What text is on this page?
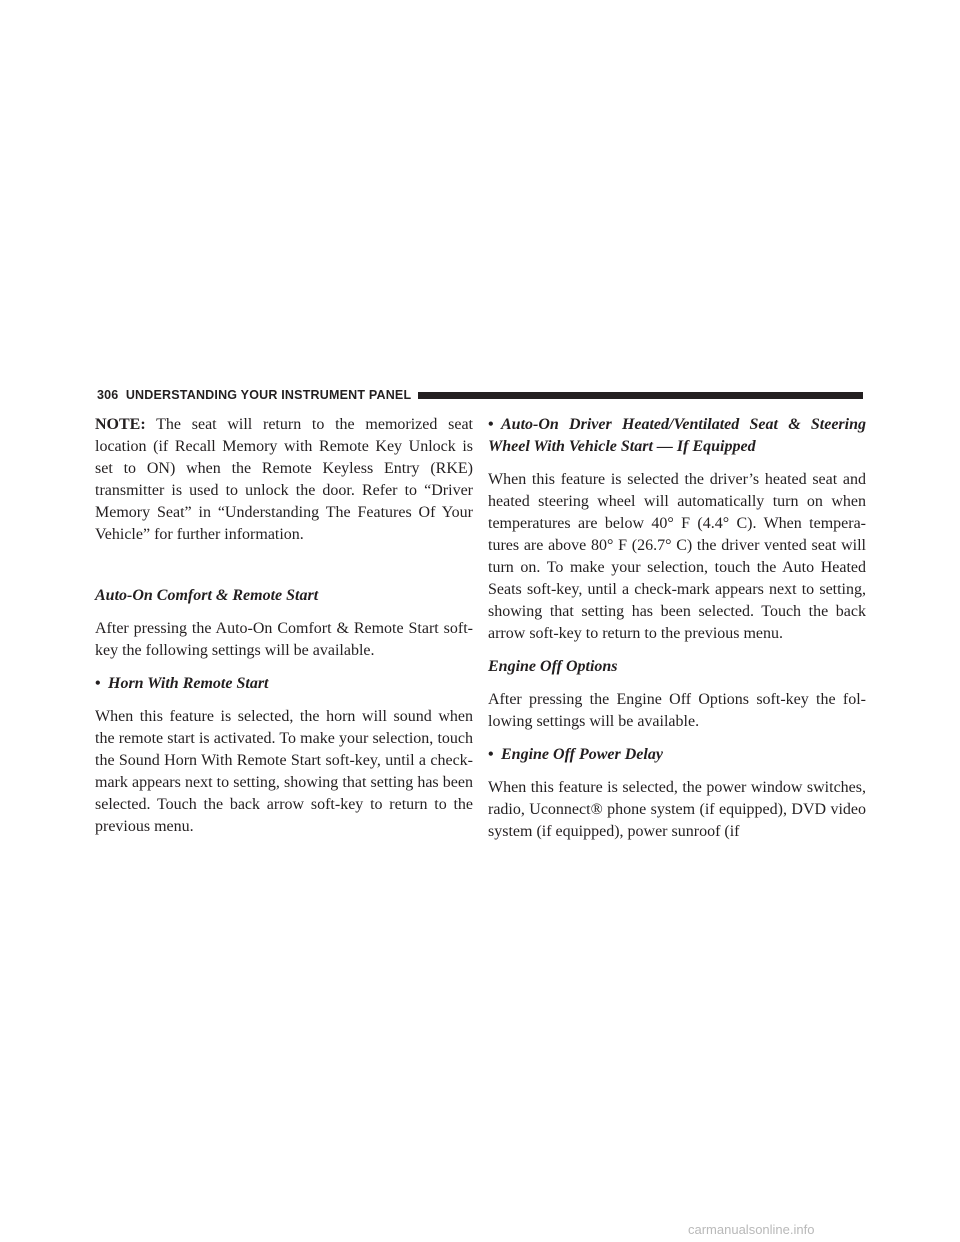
306 UNDERSTANDING YOUR INSTRUMENT PANEL

NOTE: The seat will return to the memorized seat location (if Recall Memory with Remote Key Unlock is set to ON) when the Remote Keyless Entry (RKE) transmitter is used to unlock the door. Refer to “Driver Memory Seat” in “Understanding The Features Of Your Vehicle” for further information.

Auto-On Comfort & Remote Start

After pressing the Auto-On Comfort & Remote Start soft-key the following settings will be available.

• Horn With Remote Start

When this feature is selected, the horn will sound when the remote start is activated. To make your selection, touch the Sound Horn With Remote Start soft-key, until a check-mark appears next to setting, showing that setting has been selected. Touch the back arrow soft-key to return to the previous menu.

• Auto-On Driver Heated/Ventilated Seat & Steering Wheel With Vehicle Start — If Equipped

When this feature is selected the driver’s heated seat and heated steering wheel will automatically turn on when temperatures are below 40° F (4.4° C). When tempera-tures are above 80° F (26.7° C) the driver vented seat will turn on. To make your selection, touch the Auto Heated Seats soft-key, until a check-mark appears next to setting, showing that setting has been selected. Touch the back arrow soft-key to return to the previous menu.

Engine Off Options

After pressing the Engine Off Options soft-key the fol-lowing settings will be available.

• Engine Off Power Delay

When this feature is selected, the power window switches, radio, Uconnect® phone system (if equipped), DVD video system (if equipped), power sunroof (if

carmanualsonline.info
